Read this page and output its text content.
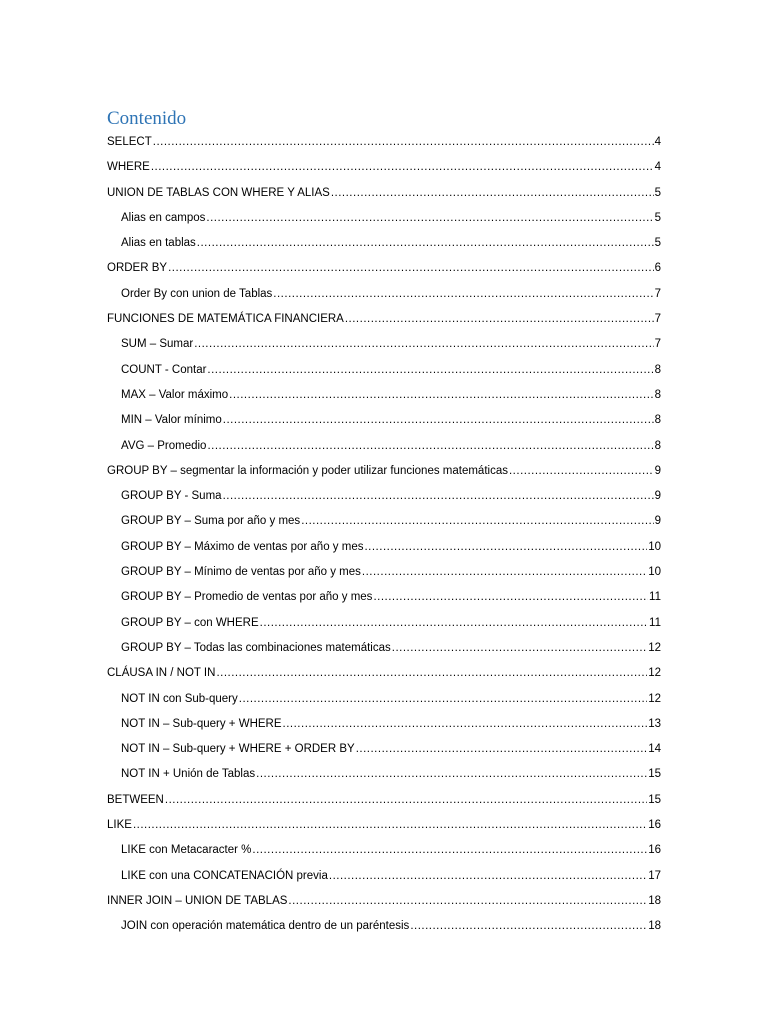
Contenido
SELECT .....	4
WHERE .....	4
UNION DE TABLAS CON WHERE Y ALIAS .....	5
Alias en campos .....	5
Alias en tablas .....	5
ORDER BY .....	6
Order By con union de Tablas .....	7
FUNCIONES DE MATEMÁTICA FINANCIERA .....	7
SUM – Sumar .....	7
COUNT - Contar .....	8
MAX – Valor máximo .....	8
MIN – Valor mínimo .....	8
AVG – Promedio .....	8
GROUP BY – segmentar la información y poder utilizar funciones matemáticas .....	9
GROUP BY - Suma .....	9
GROUP BY – Suma por año y mes .....	9
GROUP BY – Máximo de ventas por año y mes .....	10
GROUP BY – Mínimo de ventas por año y mes .....	10
GROUP BY – Promedio de ventas por año y mes .....	11
GROUP BY – con WHERE .....	11
GROUP BY – Todas las combinaciones matemáticas .....	12
CLÁUSA IN / NOT IN .....	12
NOT IN con Sub-query .....	12
NOT IN – Sub-query + WHERE .....	13
NOT IN – Sub-query + WHERE + ORDER BY .....	14
NOT IN + Unión de Tablas .....	15
BETWEEN .....	15
LIKE .....	16
LIKE con Metacaracter % .....	16
LIKE con una CONCATENACIÓN previa .....	17
INNER JOIN – UNION DE TABLAS .....	18
JOIN con operación matemática dentro de un paréntesis .....	18
